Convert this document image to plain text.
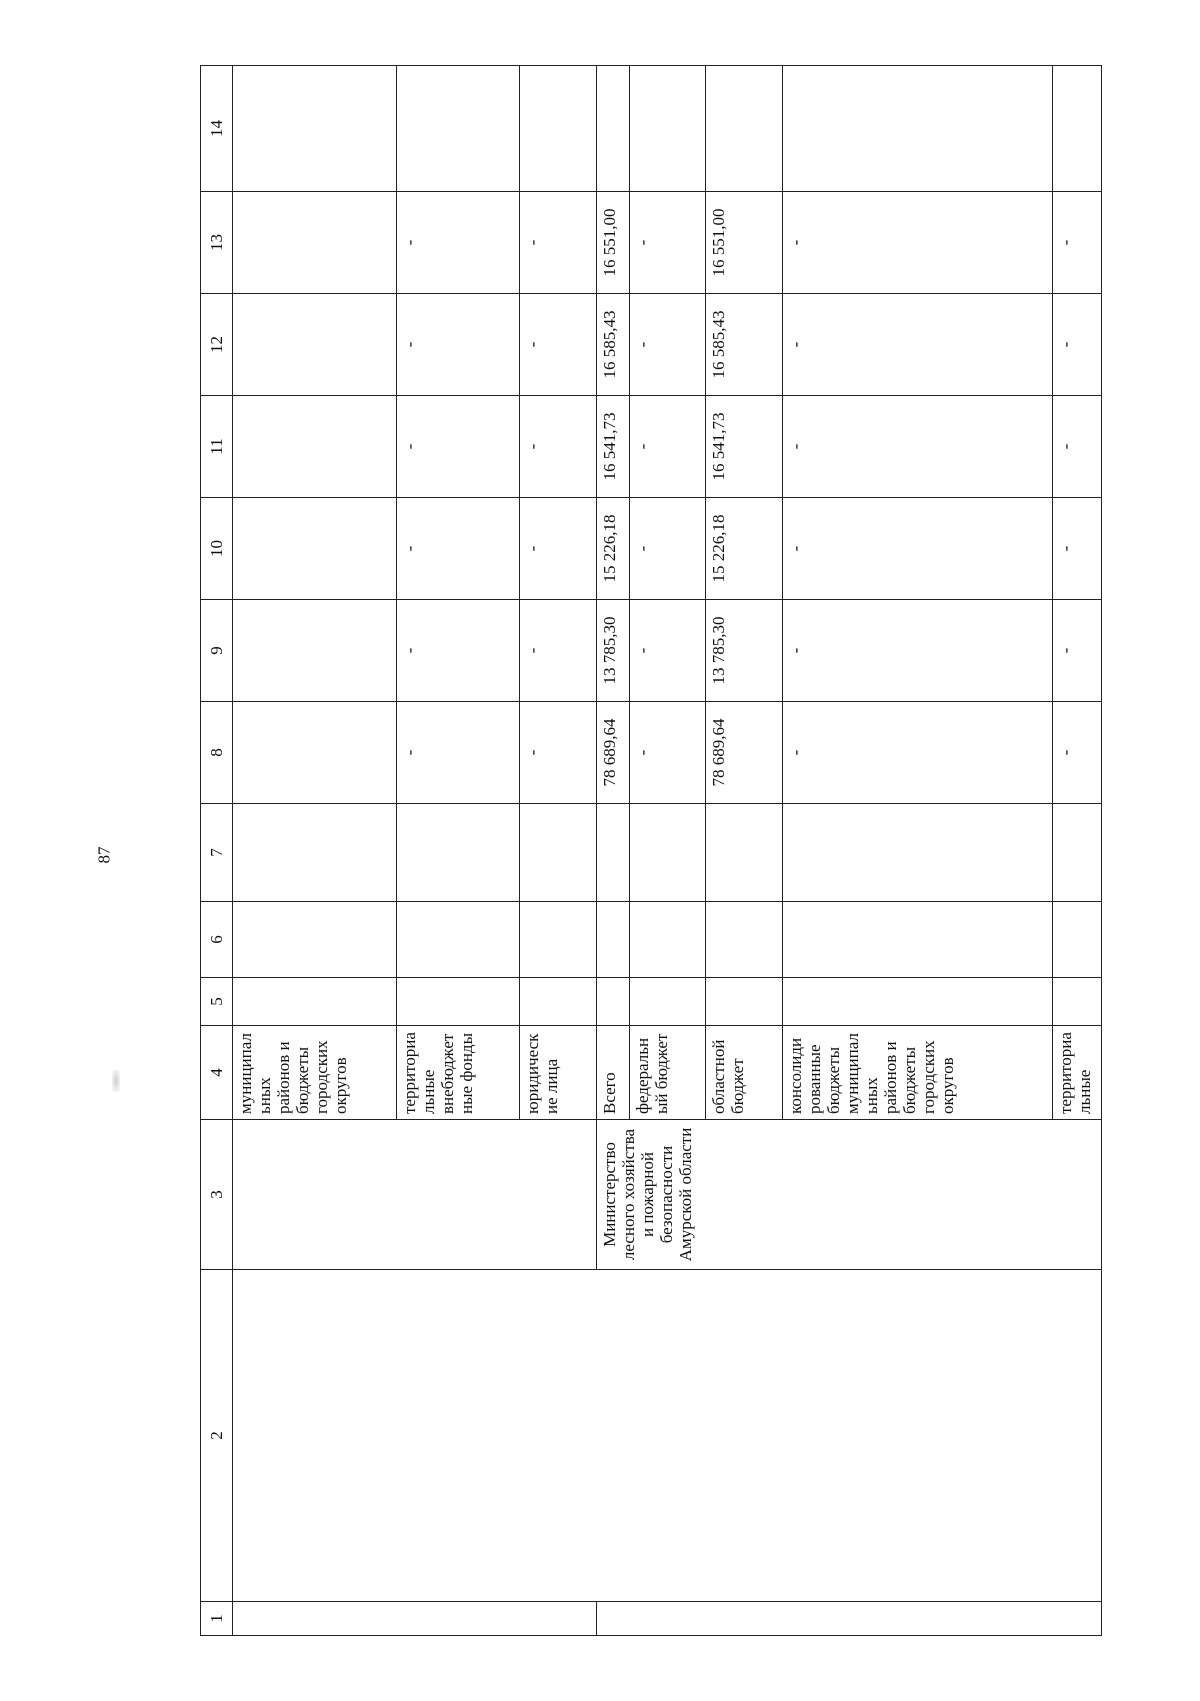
87
1	2	3	4	5	6	7	8	9	10	11	12	13	14
			муниципальных районов и бюджеты городских округов										
			территориальные внебюджетные фонды				-	-	-	-	-	-	
			юридические лица				-	-	-	-	-	-	
		Министерство лесного хозяйства и пожарной безопасности Амурской области	Всего				78 689,64	13 785,30	15 226,18	16 541,73	16 585,43	16 551,00	
			федеральный бюджет				-	-	-	-	-	-	
			областной бюджет				78 689,64	13 785,30	15 226,18	16 541,73	16 585,43	16 551,00	
			консолидированные бюджеты муниципальных районов и бюджеты городских округов				-	-	-	-	-	-	
			территориальные				-	-	-	-	-	-	
